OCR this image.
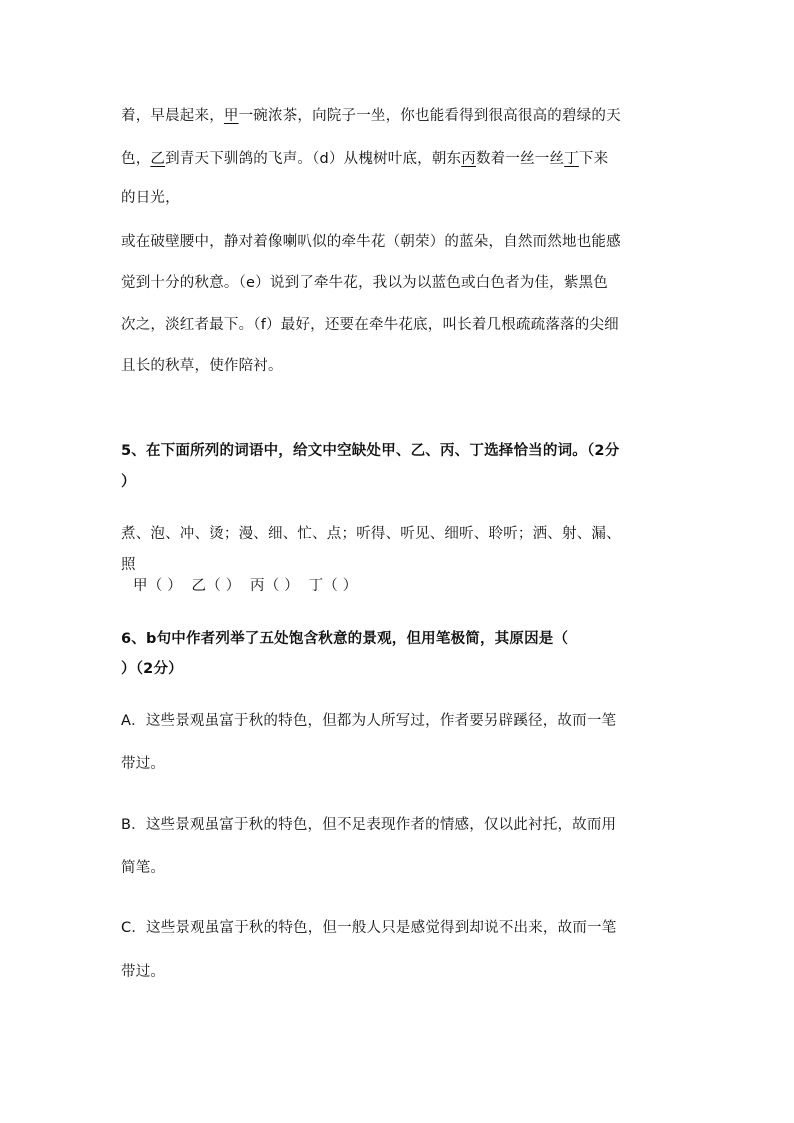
着，早晨起来，甲一碗浓茶，向院子一坐，你也能看得到很高很高的碧绿的天
色，乙到青天下驯鸽的飞声。（d）从槐树叶底，朝东丙数着一丝一丝丁下来
的日光，
或在破壁腰中，静对着像喇叭似的牵牛花（朝荣）的蓝朵，自然而然地也能感
觉到十分的秋意。（e）说到了牵牛花，我以为以蓝色或白色者为佳，紫黑色
次之，淡红者最下。（f）最好，还要在牵牛花底，叫长着几根疏疏落落的尖细
且长的秋草，使作陪衬。
5、在下面所列的词语中，给文中空缺处甲、乙、丙、丁选择恰当的词。（2分
）
煮、泡、冲、烫；漫、细、忙、点；听得、听见、细听、聆听；洒、射、漏、
照
甲（ ）  乙（ ）  丙（ ）  丁（ ）
6、b句中作者列举了五处饱含秋意的景观，但用笔极简，其原因是（
）（2分）
A．这些景观虽富于秋的特色，但都为人所写过，作者要另辟蹊径，故而一笔
带过。
B．这些景观虽富于秋的特色，但不足表现作者的情感，仅以此衬托，故而用
简笔。
C．这些景观虽富于秋的特色，但一般人只是感觉得到却说不出来，故而一笔
带过。
